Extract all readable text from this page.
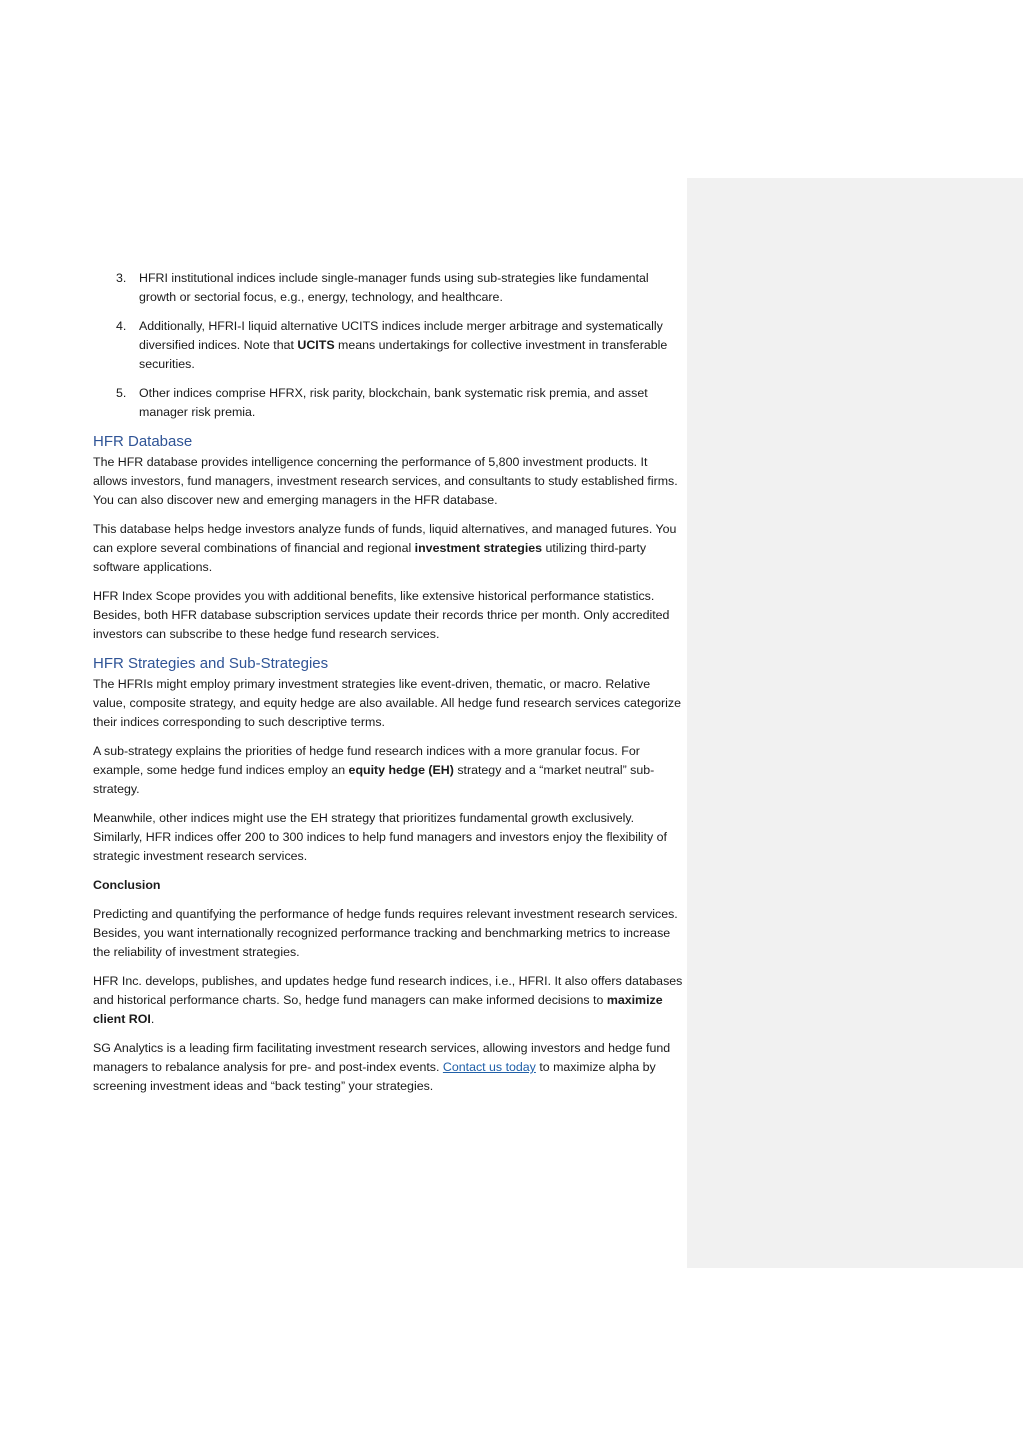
3. HFRI institutional indices include single-manager funds using sub-strategies like fundamental growth or sectorial focus, e.g., energy, technology, and healthcare.
4. Additionally, HFRI-I liquid alternative UCITS indices include merger arbitrage and systematically diversified indices. Note that UCITS means undertakings for collective investment in transferable securities.
5. Other indices comprise HFRX, risk parity, blockchain, bank systematic risk premia, and asset manager risk premia.
HFR Database

The HFR database provides intelligence concerning the performance of 5,800 investment products. It allows investors, fund managers, investment research services, and consultants to study established firms. You can also discover new and emerging managers in the HFR database.

This database helps hedge investors analyze funds of funds, liquid alternatives, and managed futures. You can explore several combinations of financial and regional investment strategies utilizing third-party software applications.

HFR Index Scope provides you with additional benefits, like extensive historical performance statistics. Besides, both HFR database subscription services update their records thrice per month. Only accredited investors can subscribe to these hedge fund research services.

HFR Strategies and Sub-Strategies

The HFRIs might employ primary investment strategies like event-driven, thematic, or macro. Relative value, composite strategy, and equity hedge are also available. All hedge fund research services categorize their indices corresponding to such descriptive terms.

A sub-strategy explains the priorities of hedge fund research indices with a more granular focus. For example, some hedge fund indices employ an equity hedge (EH) strategy and a “market neutral” sub-strategy.

Meanwhile, other indices might use the EH strategy that prioritizes fundamental growth exclusively. Similarly, HFR indices offer 200 to 300 indices to help fund managers and investors enjoy the flexibility of strategic investment research services.

Conclusion

Predicting and quantifying the performance of hedge funds requires relevant investment research services. Besides, you want internationally recognized performance tracking and benchmarking metrics to increase the reliability of investment strategies.

HFR Inc. develops, publishes, and updates hedge fund research indices, i.e., HFRI. It also offers databases and historical performance charts. So, hedge fund managers can make informed decisions to maximize client ROI.

SG Analytics is a leading firm facilitating investment research services, allowing investors and hedge fund managers to rebalance analysis for pre- and post-index events. Contact us today to maximize alpha by screening investment ideas and “back testing” your strategies.
